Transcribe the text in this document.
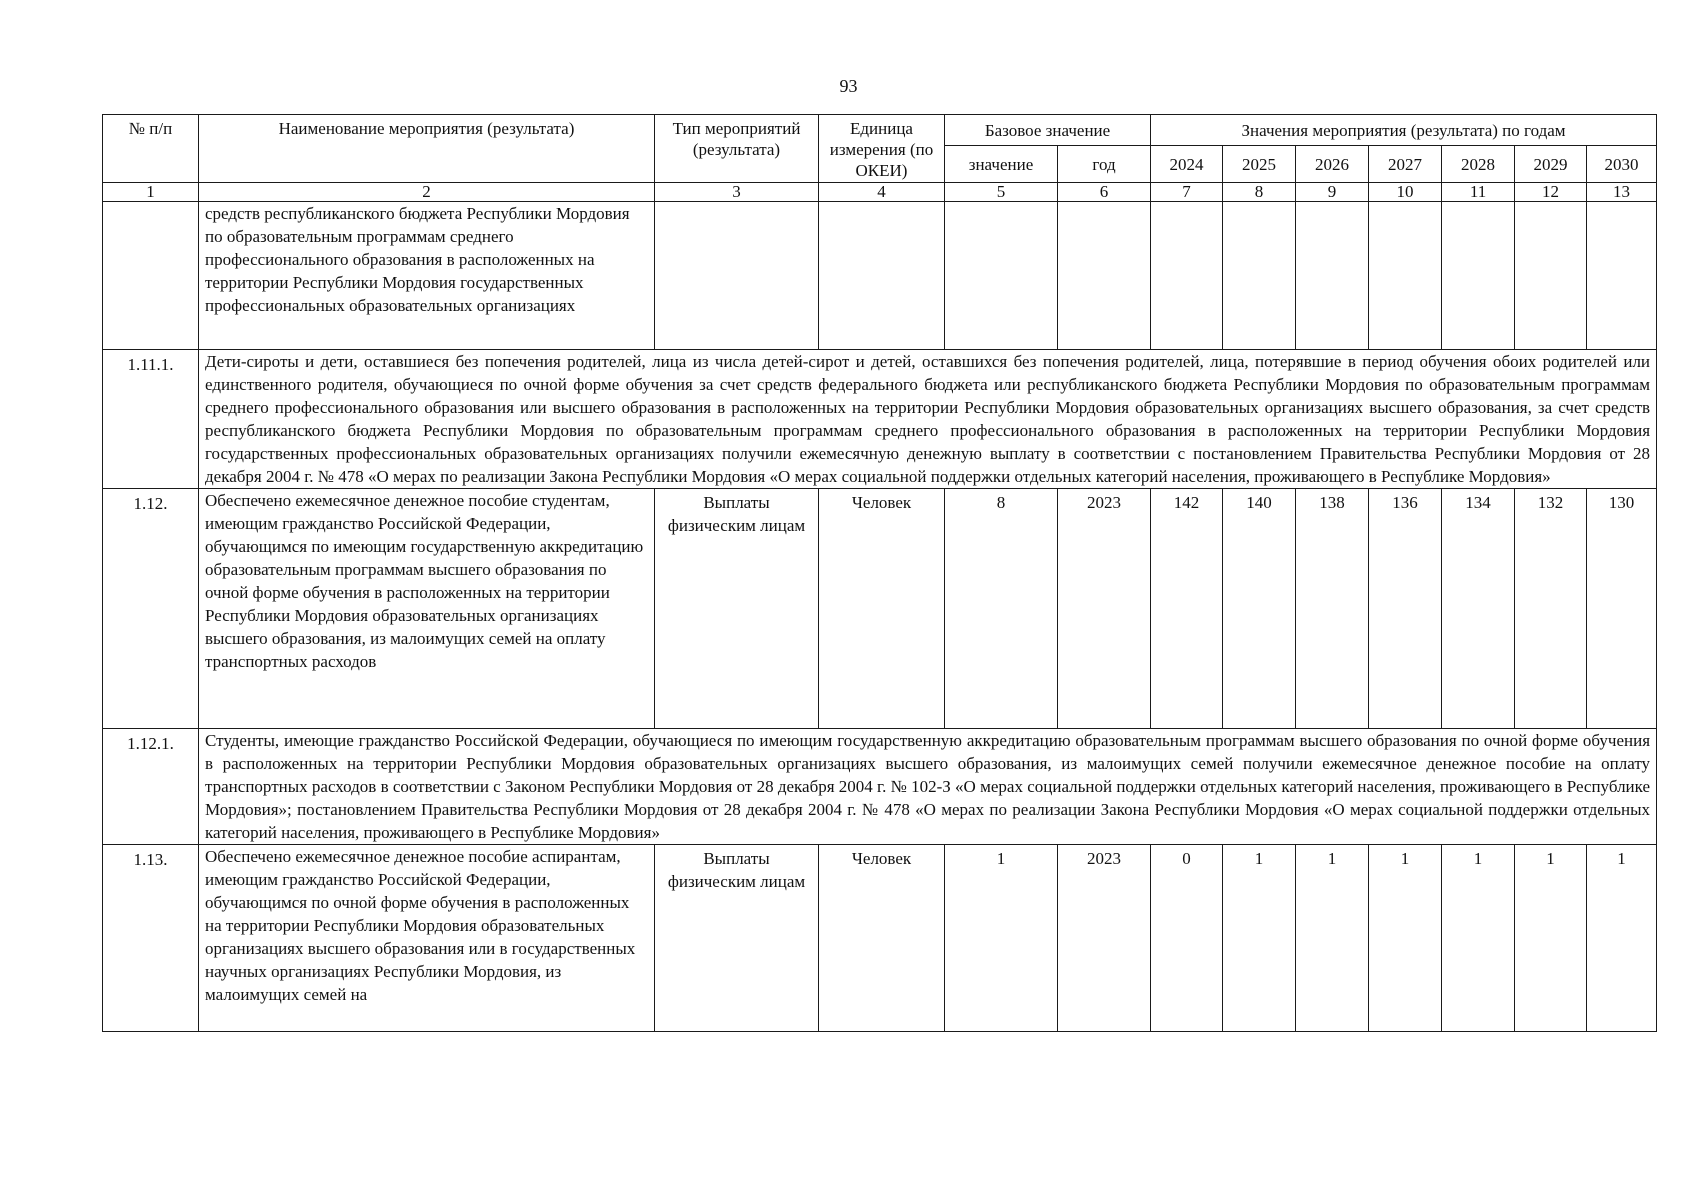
93
№ п/п	Наименование мероприятия (результата)	Тип мероприятий (результата)	Единица измерения (по ОКЕИ)	Базовое значение		Значения мероприятия (результата) по годам						
				значение	год	2024	2025	2026	2027	2028	2029	2030
1	2	3	4	5	6	7	8	9	10	11	12	13
	средств республиканского бюджета Республики Мордовия по образовательным программам среднего профессионального образования в расположенных на территории Республики Мордовия государственных профессиональных образовательных организациях											
1.11.1.	Дети-сироты и дети, оставшиеся без попечения родителей, лица из числа детей-сирот и детей, оставшихся без попечения родителей, лица, потерявшие в период обучения обоих родителей или единственного родителя, обучающиеся по очной форме обучения за счет средств федерального бюджета или республиканского бюджета Республики Мордовия по образовательным программам среднего профессионального образования или высшего образования в расположенных на территории Республики Мордовия образовательных организациях высшего образования, за счет средств республиканского бюджета Республики Мордовия по образовательным программам среднего профессионального образования в расположенных на территории Республики Мордовия государственных профессиональных образовательных организациях получили ежемесячную денежную выплату в соответствии с постановлением Правительства Республики Мордовия от 28 декабря 2004 г. № 478 «О мерах по реализации Закона Республики Мордовия «О мерах социальной поддержки отдельных категорий населения, проживающего в Республике Мордовия»											
1.12.	Обеспечено ежемесячное денежное пособие студентам, имеющим гражданство Российской Федерации, обучающимся по имеющим государственную аккредитацию образовательным программам высшего образования по очной форме обучения в расположенных на территории Республики Мордовия образовательных организациях высшего образования, из малоимущих семей на оплату транспортных расходов	Выплаты физическим лицам	Человек	8	2023	142	140	138	136	134	132	130
1.12.1.	Студенты, имеющие гражданство Российской Федерации, обучающиеся по имеющим государственную аккредитацию образовательным программам высшего образования по очной форме обучения в расположенных на территории Республики Мордовия образовательных организациях высшего образования, из малоимущих семей получили ежемесячное денежное пособие на оплату транспортных расходов в соответствии с Законом Республики Мордовия от 28 декабря 2004 г. № 102-З «О мерах социальной поддержки отдельных категорий населения, проживающего в Республике Мордовия»; постановлением Правительства Республики Мордовия от 28 декабря 2004 г. № 478 «О мерах по реализации Закона Республики Мордовия «О мерах социальной поддержки отдельных категорий населения, проживающего в Республике Мордовия»											
1.13.	Обеспечено ежемесячное денежное пособие аспирантам, имеющим гражданство Российской Федерации, обучающимся по очной форме обучения в расположенных на территории Республики Мордовия образовательных организациях высшего образования или в государственных научных организациях Республики Мордовия, из малоимущих семей на	Выплаты физическим лицам	Человек	1	2023	0	1	1	1	1	1	1
